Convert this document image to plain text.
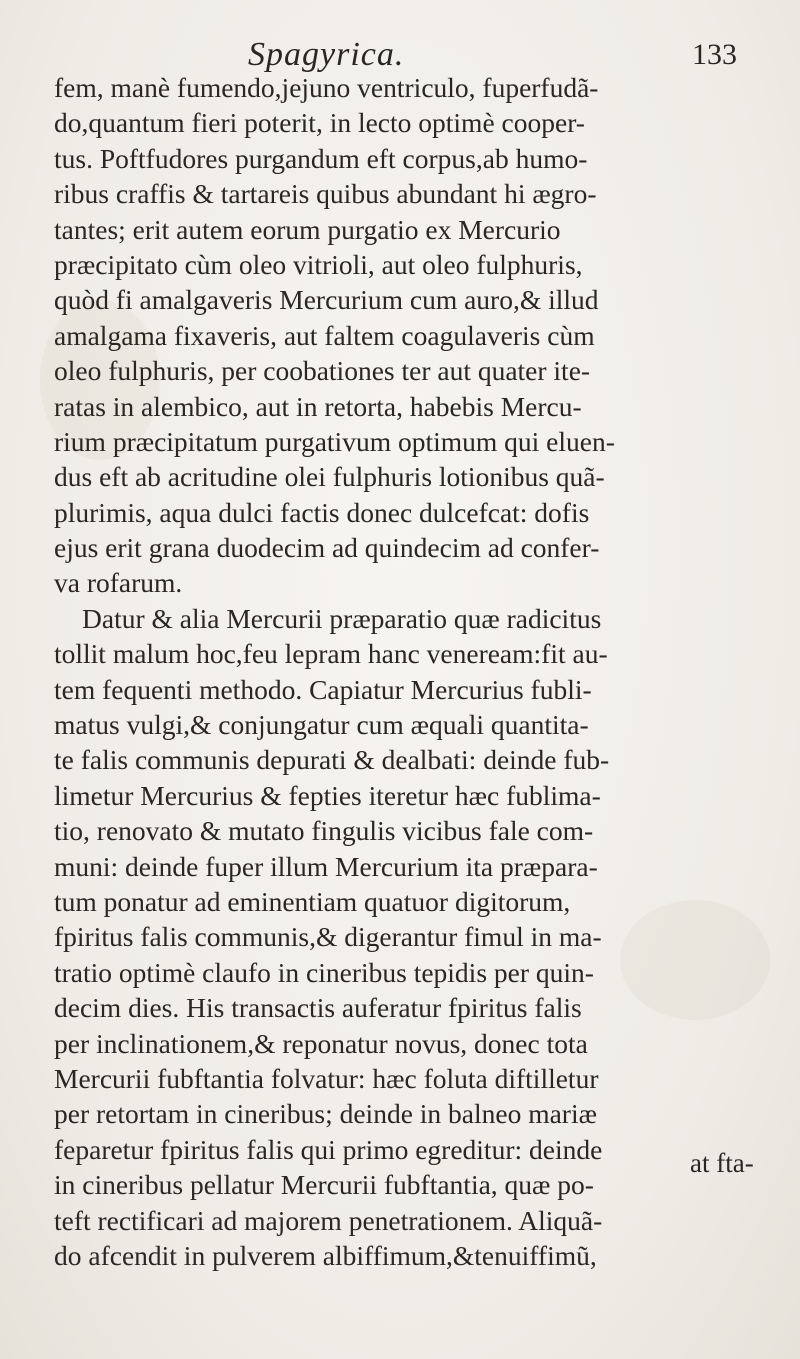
Spagyrica.	133
fem, manè fumendo,jejuno ventriculo, fuperfudã-
do,quantum fieri poterit, in lecto optimè cooper-
tus. Poftfudores purgandum eft corpus,ab humo-
ribus craffis & tartareis quibus abundant hi ægro-
tantes; erit autem eorum purgatio ex Mercurio
præcipitato cùm oleo vitrioli, aut oleo fulphuris,
quòd fi amalgaveris Mercurium cum auro,& illud
amalgama fixaveris, aut faltem coagulaveris cùm
oleo fulphuris, per coobationes ter aut quater ite-
ratas in alembico, aut in retorta, habebis Mercu-
rium præcipitatum purgativum optimum qui eluen-
dus eft ab acritudine olei fulphuris lotionibus quã-
plurimis, aqua dulci factis donec dulcefcat: dofis
ejus erit grana duodecim ad quindecim ad confer-
va rofarum.
Datur & alia Mercurii præparatio quæ radicitus
tollit malum hoc,feu lepram hanc veneream:fit au-
tem fequenti methodo. Capiatur Mercurius fubli-
matus vulgi,& conjungatur cum æquali quantita-
te falis communis depurati & dealbati: deinde fub-
limetur Mercurius & fepties iteretur hæc fublima-
tio, renovato & mutato fingulis vicibus fale com-
muni: deinde fuper illum Mercurium ita præpara-
tum ponatur ad eminentiam quatuor digitorum,
fpiritus falis communis,& digerantur fimul in ma-
tratio optimè claufo in cineribus tepidis per quin-
decim dies. His transactis auferatur fpiritus falis
per inclinationem,& reponatur novus, donec tota
Mercurii fubftantia folvatur: hæc foluta diftilletur
per retortam in cineribus; deinde in balneo mariæ
feparetur fpiritus falis qui primo egreditur: deinde
in cineribus pellatur Mercurii fubftantia, quæ po-
teft rectificari ad majorem penetrationem. Aliquã-
do afcendit in pulverem albiffimum,&tenuiffimũ,
at fta-
